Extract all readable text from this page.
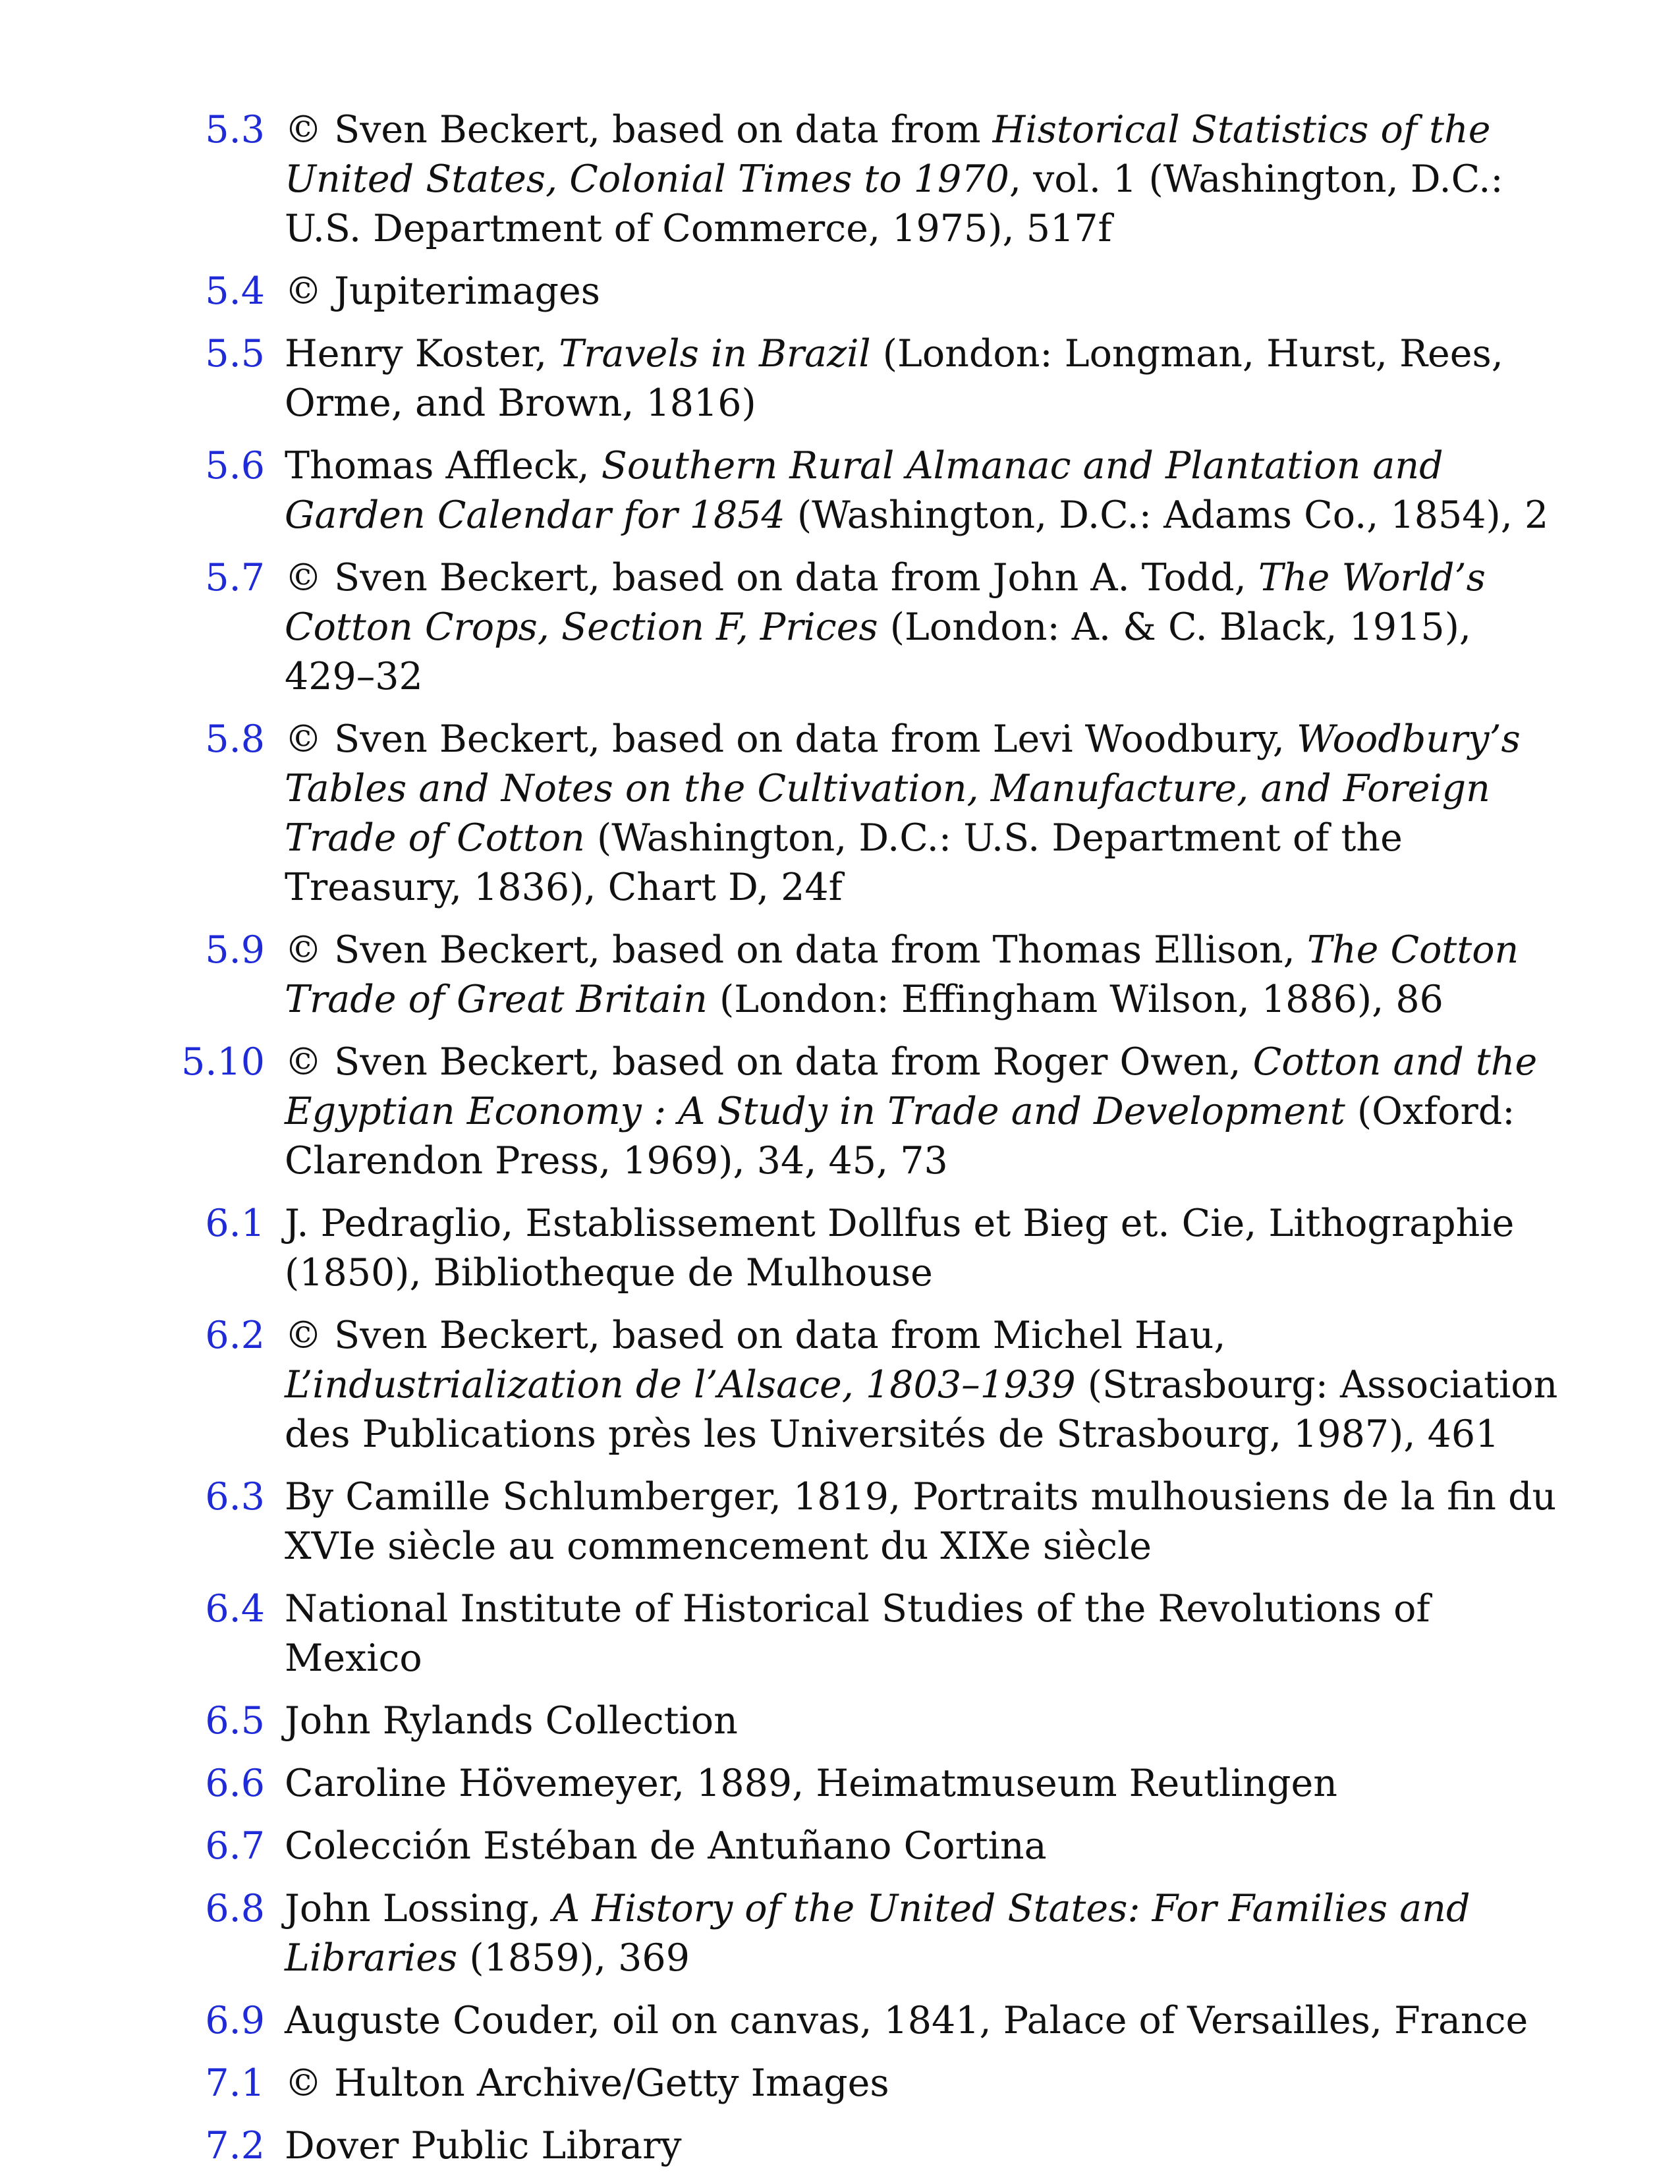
5.3 © Sven Beckert, based on data from Historical Statistics of the United States, Colonial Times to 1970, vol. 1 (Washington, D.C.: U.S. Department of Commerce, 1975), 517f
5.4 © Jupiterimages
5.5 Henry Koster, Travels in Brazil (London: Longman, Hurst, Rees, Orme, and Brown, 1816)
5.6 Thomas Affleck, Southern Rural Almanac and Plantation and Garden Calendar for 1854 (Washington, D.C.: Adams Co., 1854), 2
5.7 © Sven Beckert, based on data from John A. Todd, The World’s Cotton Crops, Section F, Prices (London: A. & C. Black, 1915), 429–32
5.8 © Sven Beckert, based on data from Levi Woodbury, Woodbury’s Tables and Notes on the Cultivation, Manufacture, and Foreign Trade of Cotton (Washington, D.C.: U.S. Department of the Treasury, 1836), Chart D, 24f
5.9 © Sven Beckert, based on data from Thomas Ellison, The Cotton Trade of Great Britain (London: Effingham Wilson, 1886), 86
5.10 © Sven Beckert, based on data from Roger Owen, Cotton and the Egyptian Economy : A Study in Trade and Development (Oxford: Clarendon Press, 1969), 34, 45, 73
6.1 J. Pedraglio, Establissement Dollfus et Bieg et. Cie, Lithographie (1850), Bibliotheque de Mulhouse
6.2 © Sven Beckert, based on data from Michel Hau, L’industrialization de l’Alsace, 1803–1939 (Strasbourg: Association des Publications près les Universités de Strasbourg, 1987), 461
6.3 By Camille Schlumberger, 1819, Portraits mulhousiens de la fin du XVIe siècle au commencement du XIXe siècle
6.4 National Institute of Historical Studies of the Revolutions of Mexico
6.5 John Rylands Collection
6.6 Caroline Hövemeyer, 1889, Heimatmuseum Reutlingen
6.7 Colección Estéban de Antuñano Cortina
6.8 John Lossing, A History of the United States: For Families and Libraries (1859), 369
6.9 Auguste Couder, oil on canvas, 1841, Palace of Versailles, France
7.1 © Hulton Archive/Getty Images
7.2 Dover Public Library
